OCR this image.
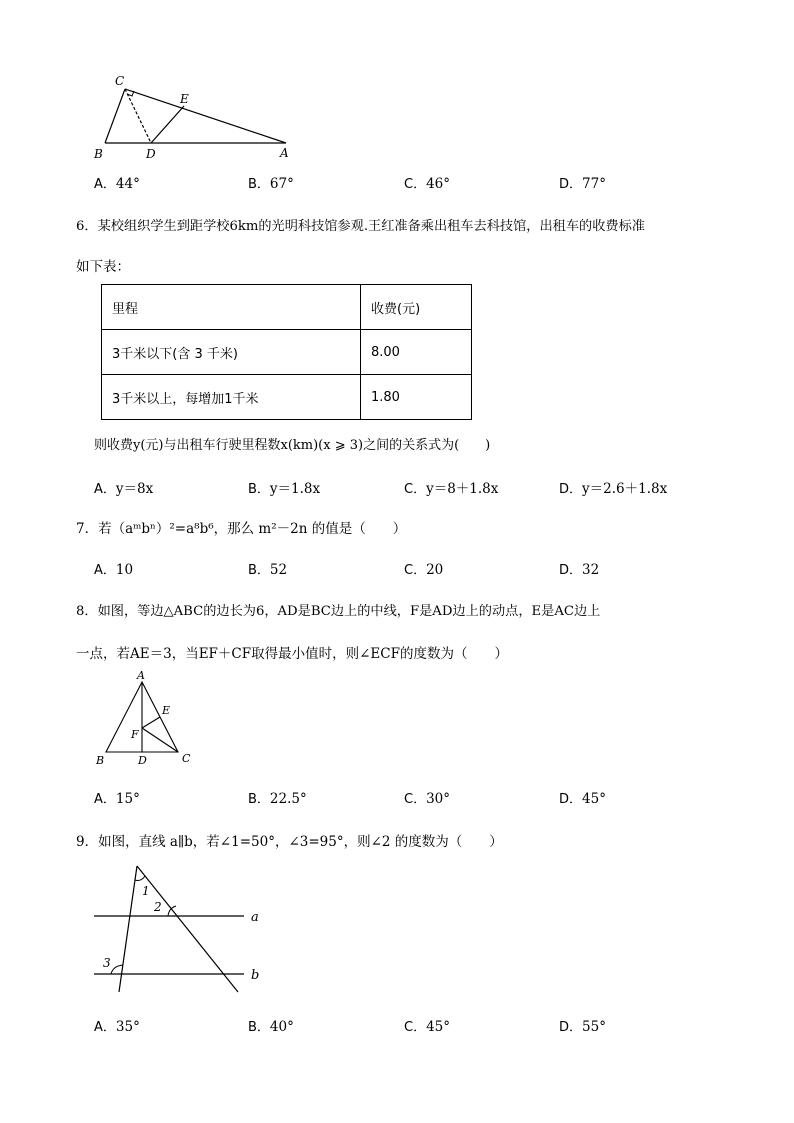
C
E
B	D	A
A．44°	B．67°	C．46°	D．77°
6．某校组织学生到距学校6km的光明科技馆参观.王红准备乘出租车去科技馆，出租车的收费标准
如下表：
里程	收费(元)
3千米以下(含 3 千米)	8.00
3千米以上，每增加1千米	1.80
则收费y(元)与出租车行驶里程数x(km)(x ⩾ 3)之间的关系式为(　　)
A．y＝8x	B．y＝1.8x	C．y＝8＋1.8x	D．y＝2.6＋1.8x
7．若（aᵐbⁿ）²=a⁸b⁶，那么 m²－2n 的值是（　　）
A．10	B．52	C．20	D．32
8．如图，等边△ABC的边长为6，AD是BC边上的中线，F是AD边上的动点，E是AC边上
一点，若AE＝3，当EF＋CF取得最小值时，则∠ECF的度数为（　　）
A
E
F
B	D	C
A．15°	B．22.5°	C．30°	D．45°
9．如图，直线 a∥b，若∠1=50°，∠3=95°，则∠2 的度数为（　　）
1
2
3
a
b
A．35°	B．40°	C．45°	D．55°
